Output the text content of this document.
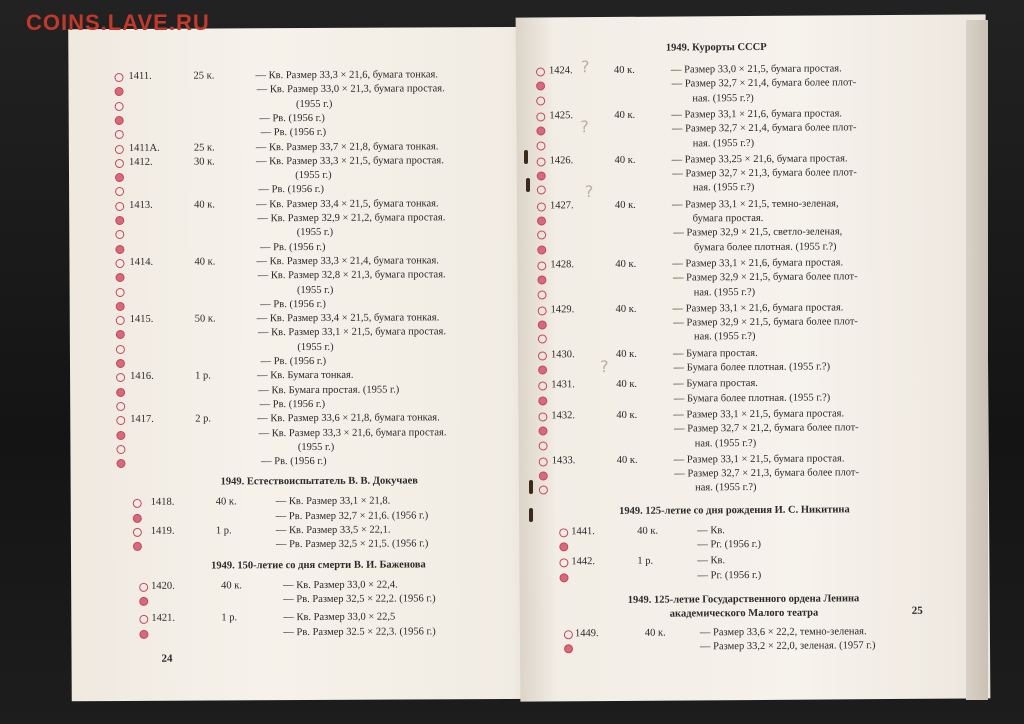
COINS.LAVE.RU
1411.	25 к.	— Кв. Размер 33,3 × 21,6, бумага тонкая.
— Кв. Размер 33,0 × 21,3, бумага простая.
(1955 г.)
— Рв. (1956 г.)
— Рв. (1956 г.)
1411А.	25 к.	— Кв. Размер 33,7 × 21,8, бумага тонкая.
1412.	30 к.	— Кв. Размер 33,3 × 21,5, бумага простая.
(1955 г.)
— Рв. (1956 г.)
1413.	40 к.	— Кв. Размер 33,4 × 21,5, бумага тонкая.
— Кв. Размер 32,9 × 21,2, бумага простая.
(1955 г.)
— Рв. (1956 г.)
1414.	40 к.	— Кв. Размер 33,3 × 21,4, бумага тонкая.
— Кв. Размер 32,8 × 21,3, бумага простая.
(1955 г.)
— Рв. (1956 г.)
1415.	50 к.	— Кв. Размер 33,4 × 21,5, бумага тонкая.
— Кв. Размер 33,1 × 21,5, бумага простая.
(1955 г.)
— Рв. (1956 г.)
1416.	1 р.	— Кв. Бумага тонкая.
— Кв. Бумага простая. (1955 г.)
— Рв. (1956 г.)
1417.	2 р.	— Кв. Размер 33,6 × 21,8, бумага тонкая.
— Кв. Размер 33,3 × 21,6, бумага простая.
(1955 г.)
— Рв. (1956 г.)
1949. Естествоиспытатель В. В. Докучаев
1418.	40 к.	— Кв. Размер 33,1 × 21,8.
— Рв. Размер 32,7 × 21,6. (1956 г.)
1419.	1 р.	— Кв. Размер 33,5 × 22,1.
— Рв. Размер 32,5 × 21,5. (1956 г.)
1949. 150-летие со дня смерти В. И. Баженова
1420.	40 к.	— Кв. Размер 33,0 × 22,4.
— Рв. Размер 32,5 × 22,2. (1956 г.)
1421.	1 р.	— Кв. Размер 33,0 × 22,5
— Рв. Размер 32.5 × 22,3. (1956 г.)
24
1949. Курорты СССР
1424.	40 к.	— Размер 33,0 × 21,5, бумага простая.
— Размер 32,7 × 21,4, бумага более плот-
ная. (1955 г.?)
1425.	40 к.	— Размер 33,1 × 21,6, бумага простая.
— Размер 32,7 × 21,4, бумага более плот-
ная. (1955 г.?)
1426.	40 к.	— Размер 33,25 × 21,6, бумага простая.
— Размер 32,7 × 21,3, бумага более плот-
ная. (1955 г.?)
1427.	40 к.	— Размер 33,1 × 21,5, темно-зеленая,
бумага простая.
— Размер 32,9 × 21,5, светло-зеленая,
бумага более плотная. (1955 г.?)
1428.	40 к.	— Размер 33,1 × 21,6, бумага простая.
— Размер 32,9 × 21,5, бумага более плот-
ная. (1955 г.?)
1429.	40 к.	— Размер 33,1 × 21,6, бумага простая.
— Размер 32,9 × 21,5, бумага более плот-
ная. (1955 г.?)
1430.	40 к.	— Бумага простая.
— Бумага более плотная. (1955 г.?)
1431.	40 к.	— Бумага простая.
— Бумага более плотная. (1955 г.?)
1432.	40 к.	— Размер 33,1 × 21,5, бумага простая.
— Размер 32,7 × 21,2, бумага более плот-
ная. (1955 г.?)
1433.	40 к.	— Размер 33,1 × 21,5, бумага простая.
— Размер 32,7 × 21,3, бумага более плот-
ная. (1955 г.?)
1949. 125-летие со дня рождения И. С. Никитина
1441.	40 к.	— Кв.
— Рг. (1956 г.)
1442.	1 р.	— Кв.
— Рг. (1956 г.)
1949. 125-летие Государственного ордена Ленина
академического Малого театра
1449.	40 к.	— Размер 33,6 × 22,2, темно-зеленая.
— Размер 33,2 × 22,0, зеленая. (1957 г.)
25
?
?
?
?
